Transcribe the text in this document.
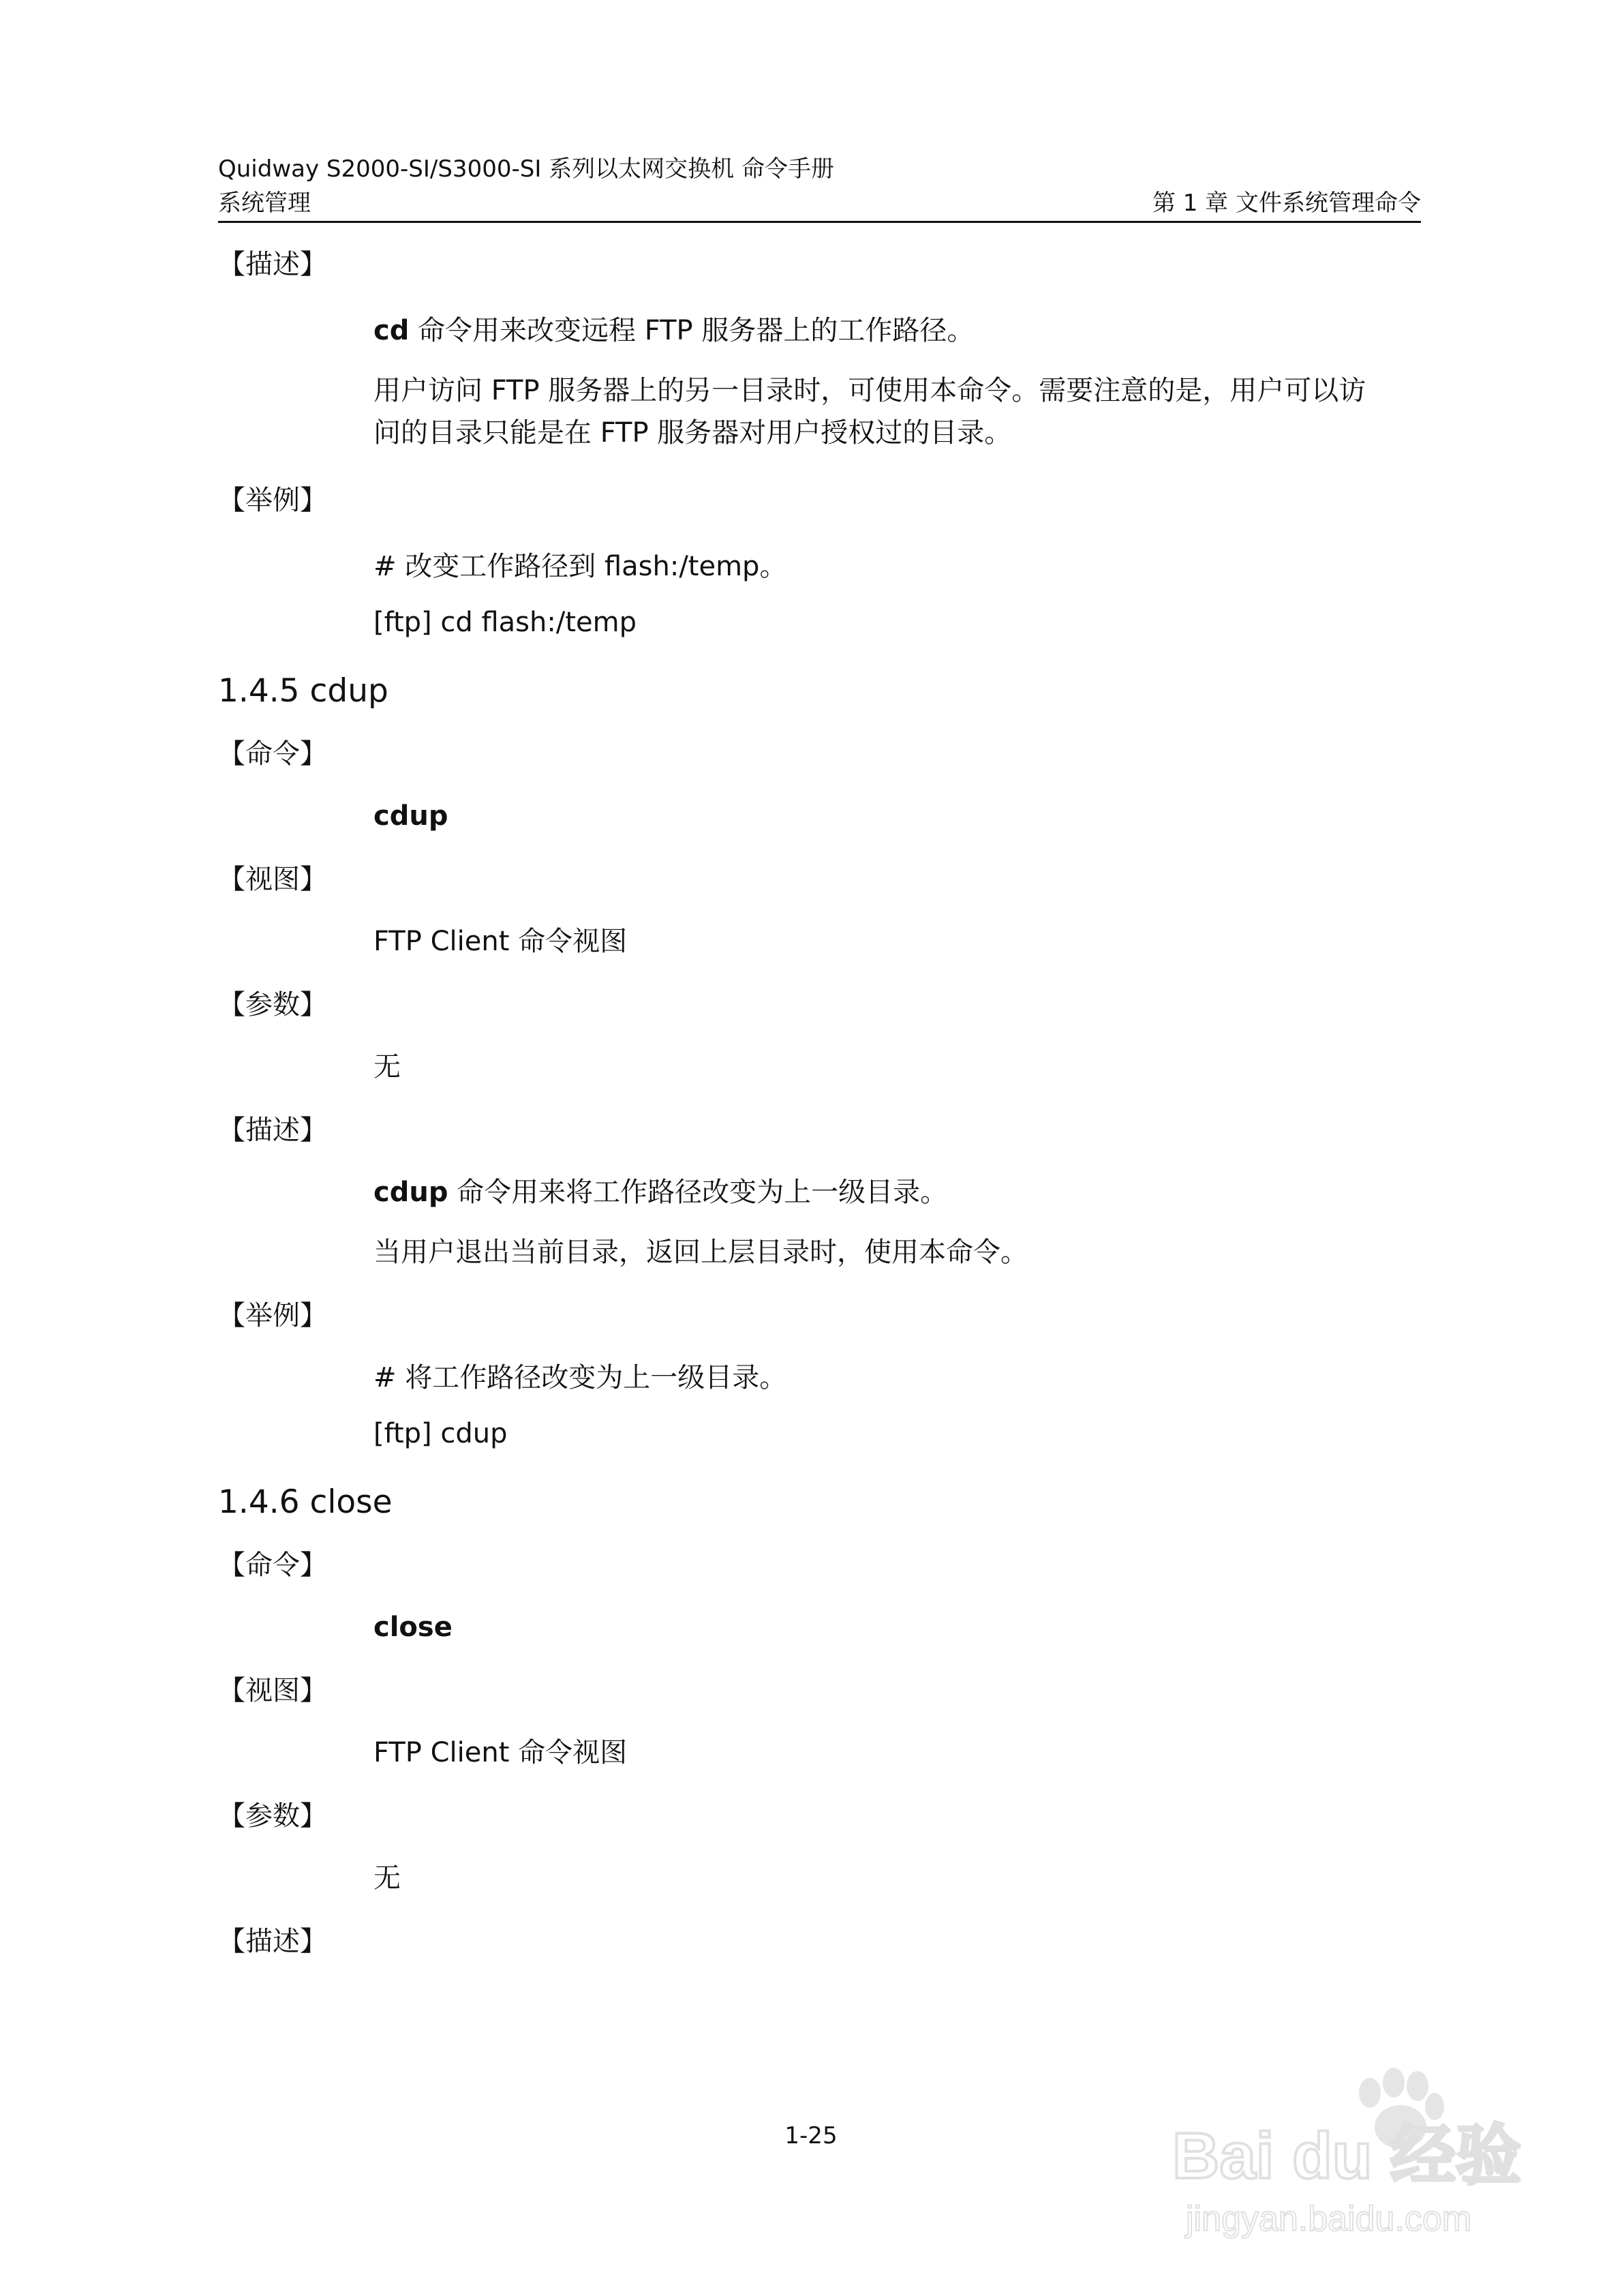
Quidway S2000-SI/S3000-SI 系列以太网交换机 命令手册
系统管理	第 1 章 文件系统管理命令

【描述】

cd 命令用来改变远程 FTP 服务器上的工作路径。

用户访问 FTP 服务器上的另一目录时，可使用本命令。需要注意的是，用户可以访

问的目录只能是在 FTP 服务器对用户授权过的目录。

【举例】

# 改变工作路径到 flash:/temp。

[ftp] cd flash:/temp

1.4.5 cdup

【命令】

cdup

【视图】

FTP Client 命令视图

【参数】

无

【描述】

cdup 命令用来将工作路径改变为上一级目录。

当用户退出当前目录，返回上层目录时，使用本命令。

【举例】

# 将工作路径改变为上一级目录。

[ftp] cdup

1.4.6 close

【命令】

close

【视图】

FTP Client 命令视图

【参数】

无

【描述】

1-25	Bai du 经验
jingyan.baidu.com
